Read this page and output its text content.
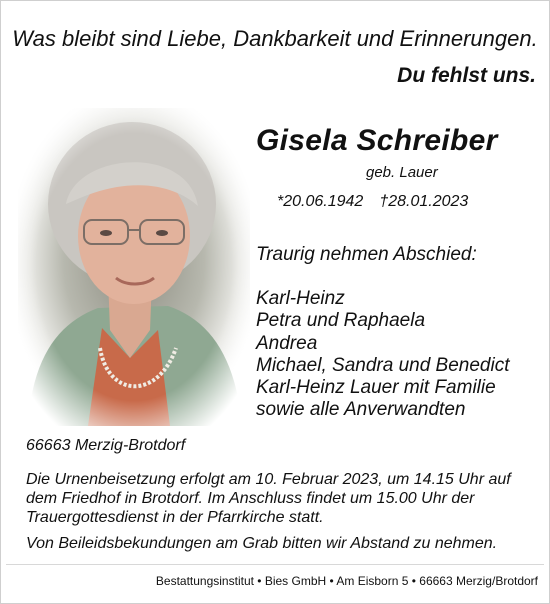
Was bleibt sind Liebe, Dankbarkeit und Erinnerungen.
Du fehlst uns.
Gisela Schreiber
geb. Lauer
*20.06.1942 †28.01.2023
Traurig nehmen Abschied:
Karl-Heinz
Petra und Raphaela
Andrea
Michael, Sandra und Benedict
Karl-Heinz Lauer mit Familie
sowie alle Anverwandten
66663 Merzig-Brotdorf
Die Urnenbeisetzung erfolgt am 10. Februar 2023, um 14.15 Uhr auf dem Friedhof in Brotdorf. Im Anschluss findet um 15.00 Uhr der Trauergottesdienst in der Pfarrkirche statt.
Von Beileidsbekundungen am Grab bitten wir Abstand zu nehmen.
Bestattungsinstitut • Bies GmbH • Am Eisborn 5 • 66663 Merzig/Brotdorf
